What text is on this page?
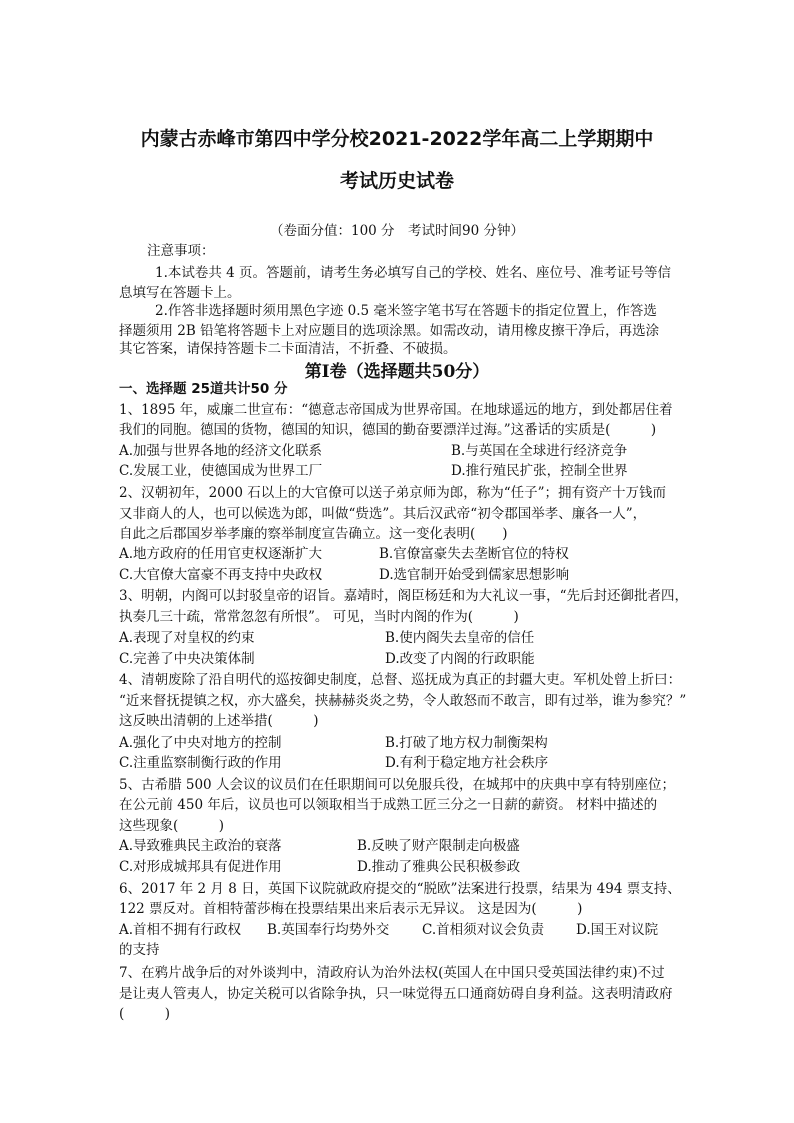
内蒙古赤峰市第四中学分校2021-2022学年高二上学期期中
考试历史试卷
（卷面分值：100 分　考试时间90 分钟）
注意事项：
1.本试卷共 4 页。答题前，请考生务必填写自己的学校、姓名、座位号、准考证号等信
息填写在答题卡上。
2.作答非选择题时须用黑色字迹 0.5 毫米签字笔书写在答题卡的指定位置上，作答选
择题须用 2B 铅笔将答题卡上对应题目的选项涂黑。如需改动，请用橡皮擦干净后，再选涂
其它答案，请保持答题卡二卡面清洁，不折叠、不破损。
第Ⅰ卷（选择题共50分）
一、选择题 25道共计50 分
1、1895 年，威廉二世宣布：“德意志帝国成为世界帝国。在地球遥远的地方，到处都居住着
我们的同胞。德国的货物，德国的知识，德国的勤奋要漂洋过海。”这番话的实质是(　　　)
A.加强与世界各地的经济文化联系	B.与英国在全球进行经济竞争
C.发展工业，使德国成为世界工厂	D.推行殖民扩张，控制全世界
2、汉朝初年，2000 石以上的大官僚可以送子弟京师为郎，称为“任子”；拥有资产十万钱而
又非商人的人，也可以候选为郎，叫做“赀选”。其后汉武帝“初令郡国举孝、廉各一人”，
自此之后郡国岁举孝廉的察举制度宣告确立。这一变化表明(　　)
A.地方政府的任用官吏权逐渐扩大	B.官僚富豪失去垄断官位的特权
C.大官僚大富豪不再支持中央政权	D.选官制开始受到儒家思想影响
3、明朝，内阁可以封驳皇帝的诏旨。嘉靖时，阁臣杨廷和为大礼议一事，“先后封还御批者四，
执奏几三十疏，常常忽忽有所恨”。 可见，当时内阁的作为(　　　)
A.表现了对皇权的约束	B.使内阁失去皇帝的信任
C.完善了中央决策体制	D.改变了内阁的行政职能
4、清朝废除了沿自明代的巡按御史制度，总督、巡抚成为真正的封疆大吏。军机处曾上折曰：
“近来督抚提镇之权，亦大盛矣，挟赫赫炎炎之势，令人敢怒而不敢言，即有过举，谁为参究？”
这反映出清朝的上述举措(　　　)
A.强化了中央对地方的控制	B.打破了地方权力制衡架构
C.注重监察制衡行政的作用	D.有利于稳定地方社会秩序
5、古希腊 500 人会议的议员们在任职期间可以免服兵役，在城邦中的庆典中享有特别座位；
在公元前 450 年后，议员也可以领取相当于成熟工匠三分之一日薪的薪资。 材料中描述的
这些现象(　　　)
A.导致雅典民主政治的衰落	B.反映了财产限制走向极盛
C.对形成城邦具有促进作用	D.推动了雅典公民积极参政
6、2017 年 2 月 8 日，英国下议院就政府提交的“脱欧”法案进行投票，结果为 494 票支持、
122 票反对。首相特蕾莎梅在投票结果出来后表示无异议。 这是因为(　　　)
A.首相不拥有行政权 B.英国奉行均势外交 C.首相须对议会负责 D.国王对议院
的支持
7、在鸦片战争后的对外谈判中，清政府认为治外法权(英国人在中国只受英国法律约束)不过
是让夷人管夷人，协定关税可以省除争执，只一味觉得五口通商妨碍自身利益。这表明清政府
(　　　)
